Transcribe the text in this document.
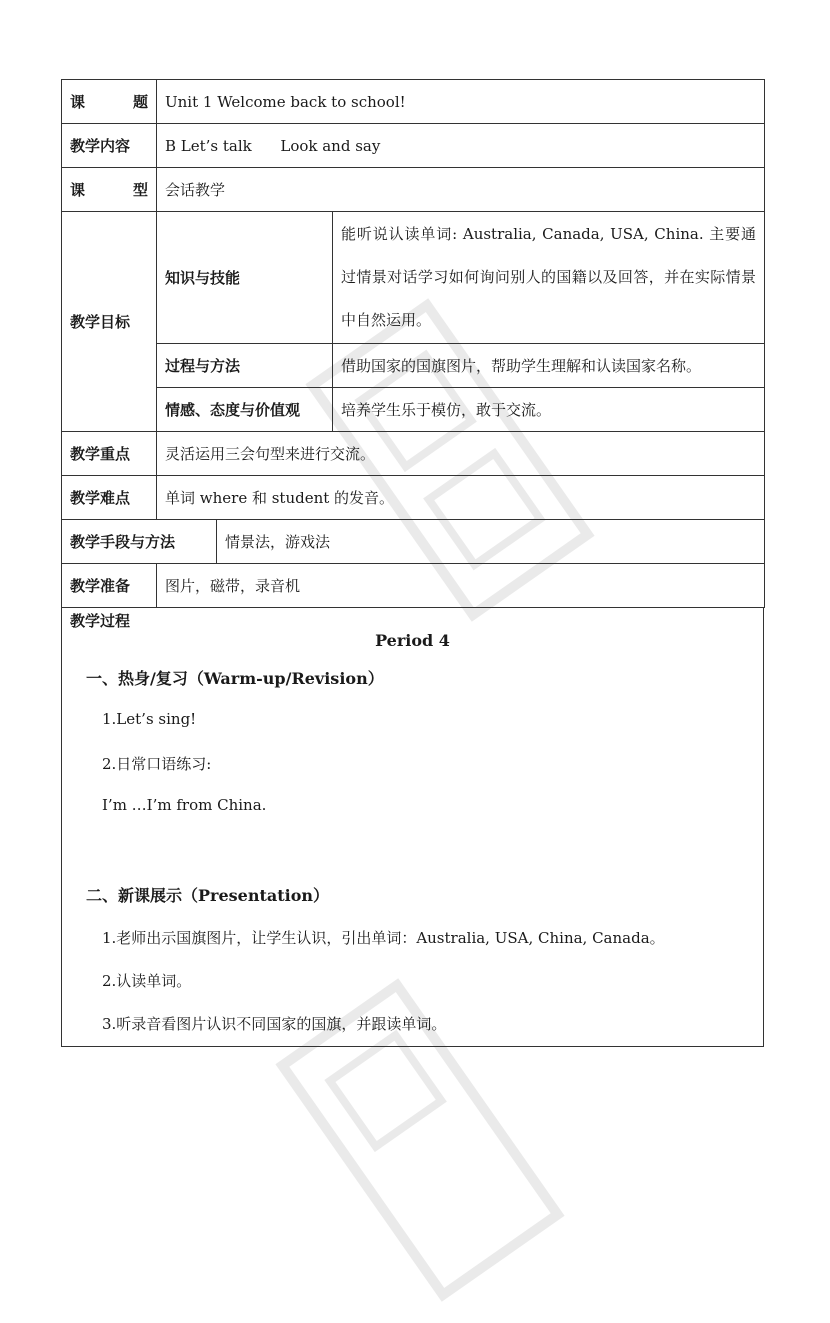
课 题	Unit 1 Welcome back to school!		
教学内容	B Let’s talk      Look and say		

课 型	会话教学		
教学目标	知识与技能		能听说认读单词: Australia, Canada, USA, China. 主要通过情景对话学习如何询问别人的国籍以及回答，并在实际情景中自然运用。
	过程与方法		借助国家的国旗图片，帮助学生理解和认读国家名称。
	情感、态度与价值观		培养学生乐于模仿，敢于交流。
教学重点	灵活运用三会句型来进行交流。		
教学难点	单词 where 和 student 的发音。		
教学手段与方法		情景法，游戏法	
教学准备	图片，磁带，录音机		
教学过程
Period 4
一、热身/复习（Warm-up/Revision）
1.Let’s sing!
2.日常口语练习:
I’m …I’m from China.
二、新课展示（Presentation）
1.老师出示国旗图片，让学生认识，引出单词：Australia, USA, China, Canada。
2.认读单词。
3.听录音看图片认识不同国家的国旗，并跟读单词。
